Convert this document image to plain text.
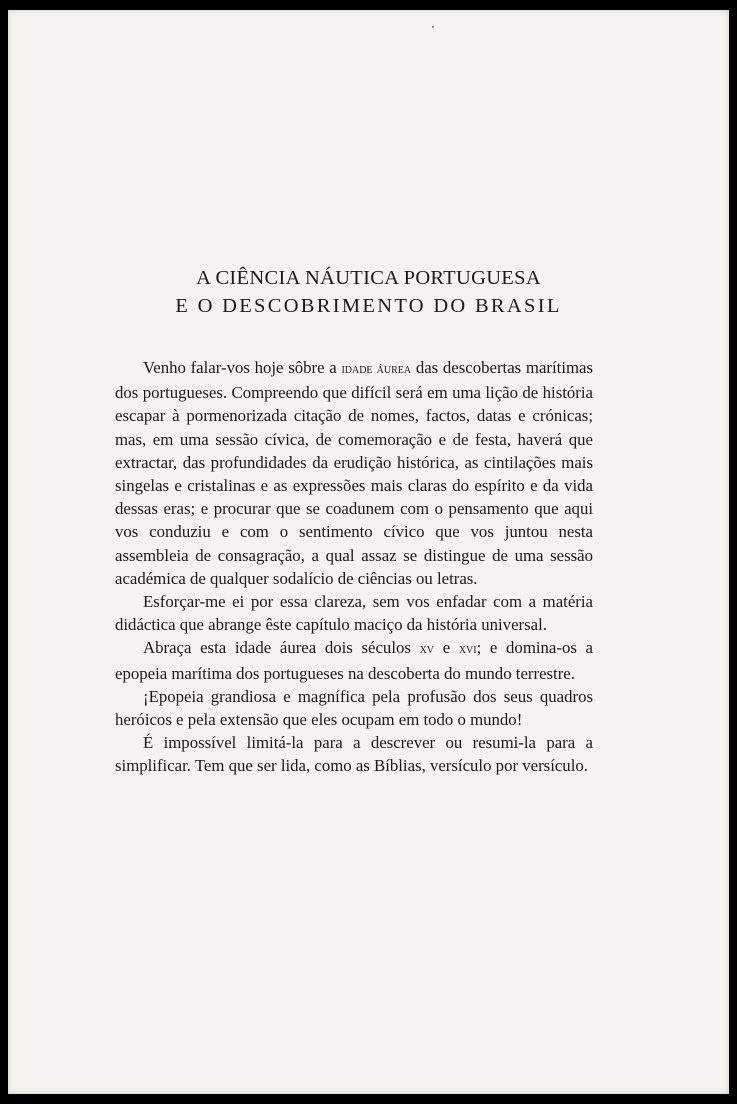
A CIÊNCIA NÁUTICA PORTUGUESA
E O DESCOBRIMENTO DO BRASIL

Venho falar-vos hoje sôbre a idade áurea das descobertas marítimas dos portugueses. Compreendo que difícil será em uma lição de história escapar à pormenorizada citação de nomes, factos, datas e crónicas; mas, em uma sessão cívica, de comemoração e de festa, haverá que extractar, das profundidades da erudição histórica, as cintilações mais singelas e cristalinas e as expressões mais claras do espírito e da vida dessas eras; e procurar que se coadunem com o pensamento que aqui vos conduziu e com o sentimento cívico que vos juntou nesta assembleia de consagração, a qual assaz se distingue de uma sessão académica de qualquer sodalício de ciências ou letras.

Esforçar-me ei por essa clareza, sem vos enfadar com a matéria didáctica que abrange êste capítulo maciço da história universal.

Abraça esta idade áurea dois séculos xv e xvi; e domina-os a epopeia marítima dos portugueses na descoberta do mundo terrestre.

¡Epopeia grandiosa e magnífica pela profusão dos seus quadros heróicos e pela extensão que eles ocupam em todo o mundo!

É impossível limitá-la para a descrever ou resumi-la para a simplificar. Tem que ser lida, como as Bíblias, versículo por versículo.
